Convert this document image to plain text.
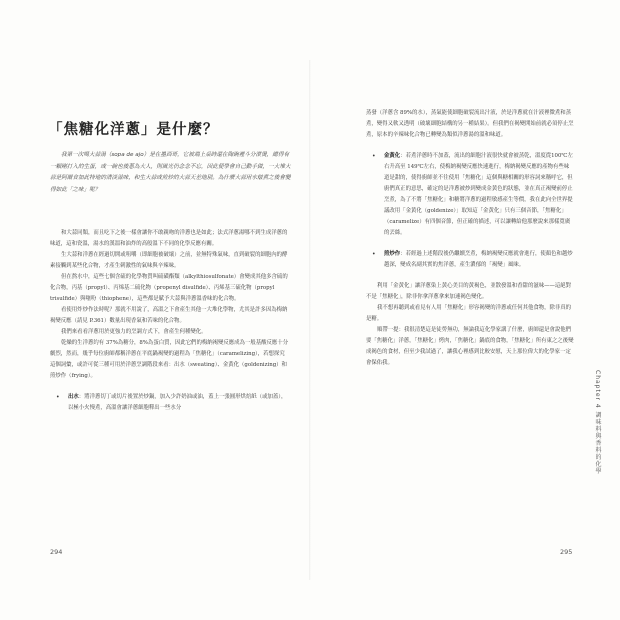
「焦糖化洋蔥」是什麼？
我第一次喝大蒜湯（sopa de ajo）是在墨西哥，它被端上桌時還在陶碗裡斗分滾燙，總得有一顆剛打入的生蛋，或一碗也後蔥為大人，則風光仍念念不忘，因此便學會自己動手做，一大堆大蒜是阿爾食加此特地的清淡滋味，和生大蒜或煎炒的大蒜天差地別。為什麼大蒜用水燉煮之後會變得如此「之味」呢？

和大蒜同類，而且吃下之後一樣會讓你不敢親吻的洋蔥也是如此；法式洋蔥湯哪不到生成洋蔥的味道，這和瓷溫，湯水的漢溫和油炸的高般溫下不同的化學反應有關。

生大蒜和洋蔥在經過切開或咀嚼（即細胞被破壞）之前，並無特殊氣味，直到破裂的細胞內的酵素接觸到某些化合物，才產生刺激性的氣味與辛辣味。

但在熬水中，這些七個含硫的化學物質叫硫磺酯類（alkylthiosulfonate）會變成其他多含硫的化合物，丙基（propyl）、丙烯基二硫化物（propenyl disulfide）、丙烯基三硫化物（propyl trisulfide）與噻吩（thiophene），這些都是賦予大蒜與洋蔥溫香味的化合物。

看使用炸炒作法時呢？那就不用說了，高溫之下會產生其他一大堆化學物，尤其是許多因為梅納褐變反應（請見 P.361）數量出現香氣和苦味的化合物。

我們來看看洋蔥用於更強力的烹調方式下，會產生何種變化。

乾燥的生洋蔥約有 37%為糖分，8%為蛋白質，因此它們的梅納褐變反應成為一般基酸反應十分劇烈，然而，幾乎每位廚師都稱洋蔥在平底鍋褐變的過程為「焦糖化」（caramelizing），若想探究這個詞彙，或許可從三種可用於洋蔥烹調階段來看：出水（sweating）、金黃化（goldenizing）和煎炒作（frying）。

• 出水：將洋蔥切丁或切片後置於炒鍋，加入少許奶油或油，蓋上一張圓形烘焙紙（或加蓋），以極小火慢煮，高溫會讓洋蔥細胞釋出一些水分

294

蒸發（洋蔥含 89%的水），蒸氣能使細胞破裂流出汁液，於是洋蔥就在汁液裡微煮和蒸煮，變得又軟又透明（破壞細胞結構的另一種結果）。但我們在褐變開始前就必須停止烹煮，原本的辛辣味化合物已轉變為類似洋蔥湯的溫和味道。

• 金黃化：若煮洋蔥時不加蓋，流出的細胞汁液很快就會被蒸乾，溫度從100℃左右升高至 149℃左右，使梅納褐變反應快速進行，梅納褐變反應的產物有些味道是甜的，使得廚師並不往使用「焦糖化」這個與糖相關的形容詞來稱呼它，但廚們真正的意思，確定的是洋蔥被炒到變成金黃色的狀態，並在真正褐變前停止烹煮，為了不將「焦糖化」和糖將洋蔥的過程敏感產生等價，我在此向全世界提議改用「金黃化（goldenize）」取知這「金黃化」只有三個音節，「焦糖化」（caramelize）有四個音節，但正確的描述，可以讓轉給他那麼說來那樣寬廣的丟絲。

• 煎炒作：若經過上述階段後仍繼續烹煮，梅納褐變反應就會進行，使顏色和越炒越深，變成名副其實的焦洋蔥，產生濃郁的「褐變」風味。

利用「金黃化」讓洋蔥染上黃心美目的黃褐色，並散發溫和香甜的滋味——這絕對不是「焦糖化」，除非你拿洋蔥拿來加速褐色變化。

我不想再聽到或看見有人用「焦糖化」形容褐變的洋蔥或任何其他食物，除非真的是糖。

順帶一提：我很清楚這是徒勞無功，無論我這化學家講了什麼，廚師還是會說他們要「焦糖化」洋蔥，「焦糖化」烤肉，「焦糖化」鍋底的食物，「焦糖化」所有東之之後變成褐色的食材，但至少我試過了，讓我心裡感到比較安慰，天上那位偉大的化學家一定會保佑我。

Chapter 4 調味料與香料的化學
295
